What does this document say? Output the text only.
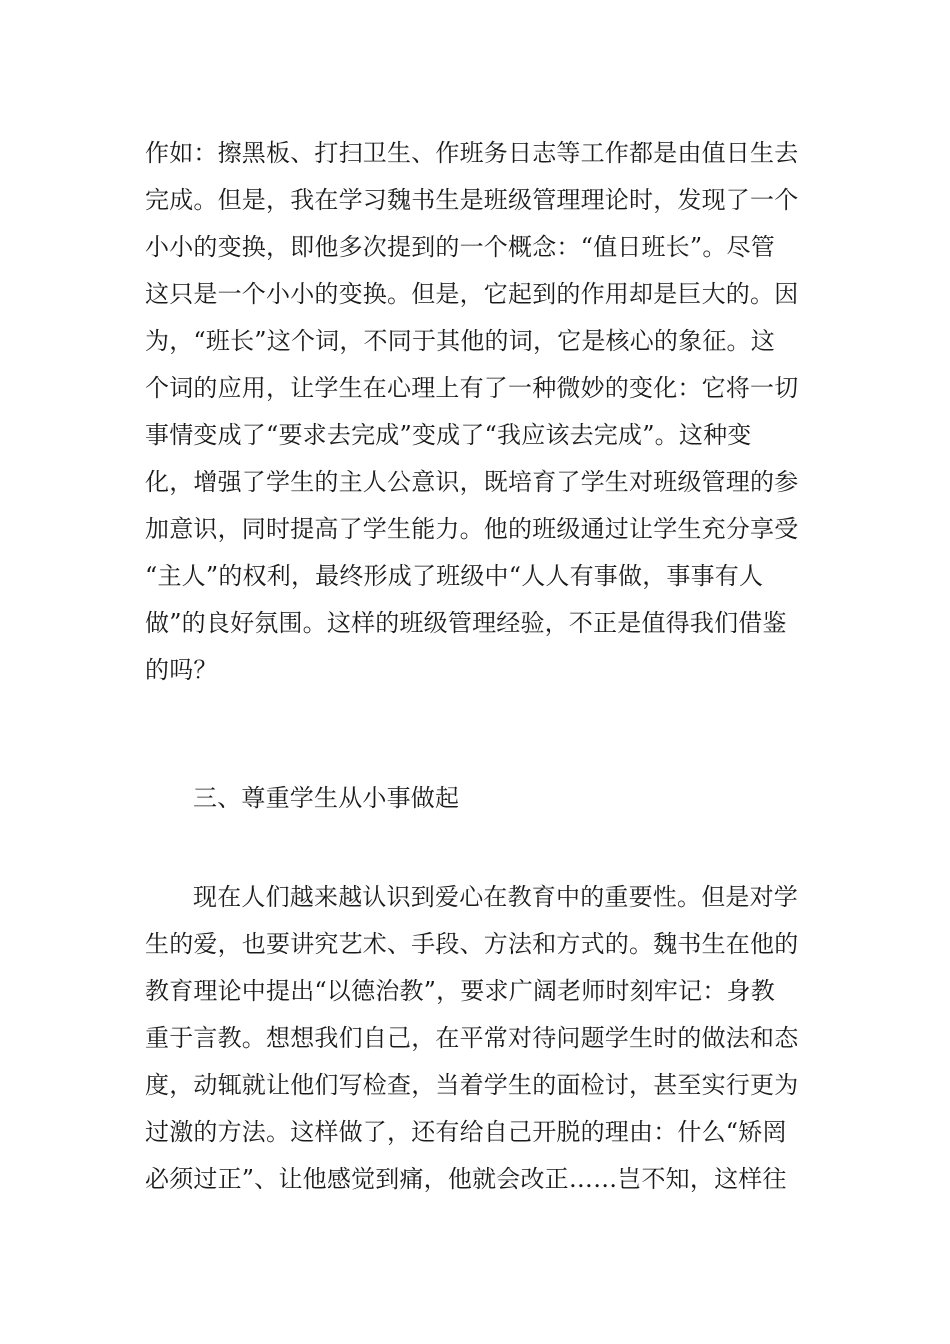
作如：擦黑板、打扫卫生、作班务日志等工作都是由值日生去
完成。但是，我在学习魏书生是班级管理理论时，发现了一个
小小的变换，即他多次提到的一个概念：“值日班长”。尽管
这只是一个小小的变换。但是，它起到的作用却是巨大的。因
为，“班长”这个词，不同于其他的词，它是核心的象征。这
个词的应用，让学生在心理上有了一种微妙的变化：它将一切
事情变成了“要求去完成”变成了“我应该去完成”。这种变
化，增强了学生的主人公意识，既培育了学生对班级管理的参
加意识，同时提高了学生能力。他的班级通过让学生充分享受
“主人”的权利，最终形成了班级中“人人有事做，事事有人
做”的良好氛围。这样的班级管理经验，不正是值得我们借鉴
的吗？
三、尊重学生从小事做起
现在人们越来越认识到爱心在教育中的重要性。但是对学
生的爱，也要讲究艺术、手段、方法和方式的。魏书生在他的
教育理论中提出“以德治教”，要求广阔老师时刻牢记：身教
重于言教。想想我们自己，在平常对待问题学生时的做法和态
度，动辄就让他们写检查，当着学生的面检讨，甚至实行更为
过激的方法。这样做了，还有给自己开脱的理由：什么“矫罔
必须过正”、让他感觉到痛，他就会改正……岂不知，这样往
